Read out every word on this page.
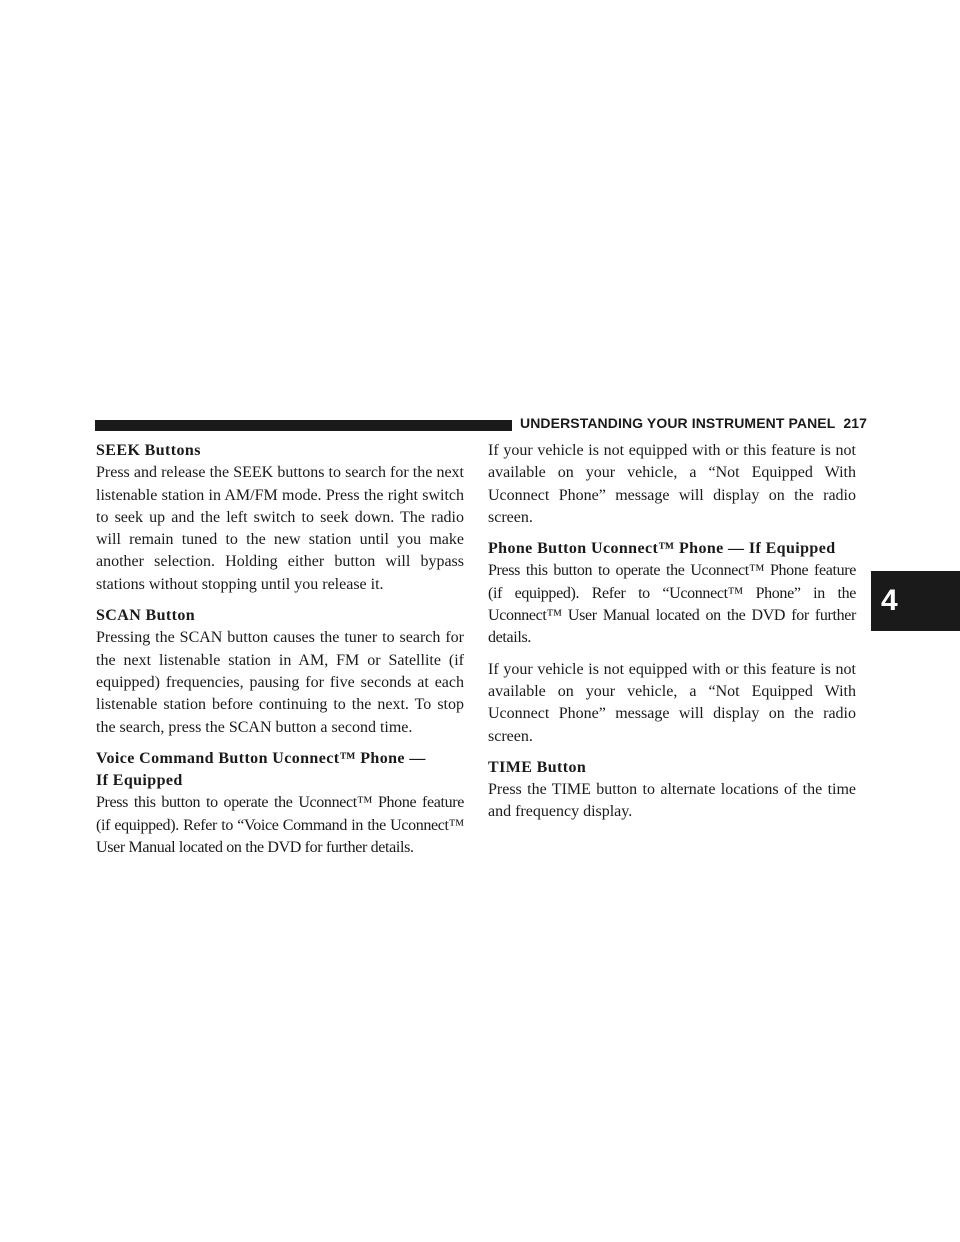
UNDERSTANDING YOUR INSTRUMENT PANEL 217
4
SEEK Buttons

Press and release the SEEK buttons to search for the next listenable station in AM/FM mode. Press the right switch to seek up and the left switch to seek down. The radio will remain tuned to the new station until you make another selection. Holding either button will bypass stations without stopping until you release it.

SCAN Button

Pressing the SCAN button causes the tuner to search for the next listenable station in AM, FM or Satellite (if equipped) frequencies, pausing for five seconds at each listenable station before continuing to the next. To stop the search, press the SCAN button a second time.

Voice Command Button Uconnect™ Phone —
If Equipped

Press this button to operate the Uconnect™ Phone feature (if equipped). Refer to “Voice Command in the Uconnect™ User Manual located on the DVD for further details.

If your vehicle is not equipped with or this feature is not available on your vehicle, a “Not Equipped With Uconnect Phone” message will display on the radio screen.

Phone Button Uconnect™ Phone — If Equipped

Press this button to operate the Uconnect™ Phone feature (if equipped). Refer to “Uconnect™ Phone” in the Uconnect™ User Manual located on the DVD for further details.

If your vehicle is not equipped with or this feature is not available on your vehicle, a “Not Equipped With Uconnect Phone” message will display on the radio screen.

TIME Button

Press the TIME button to alternate locations of the time and frequency display.
